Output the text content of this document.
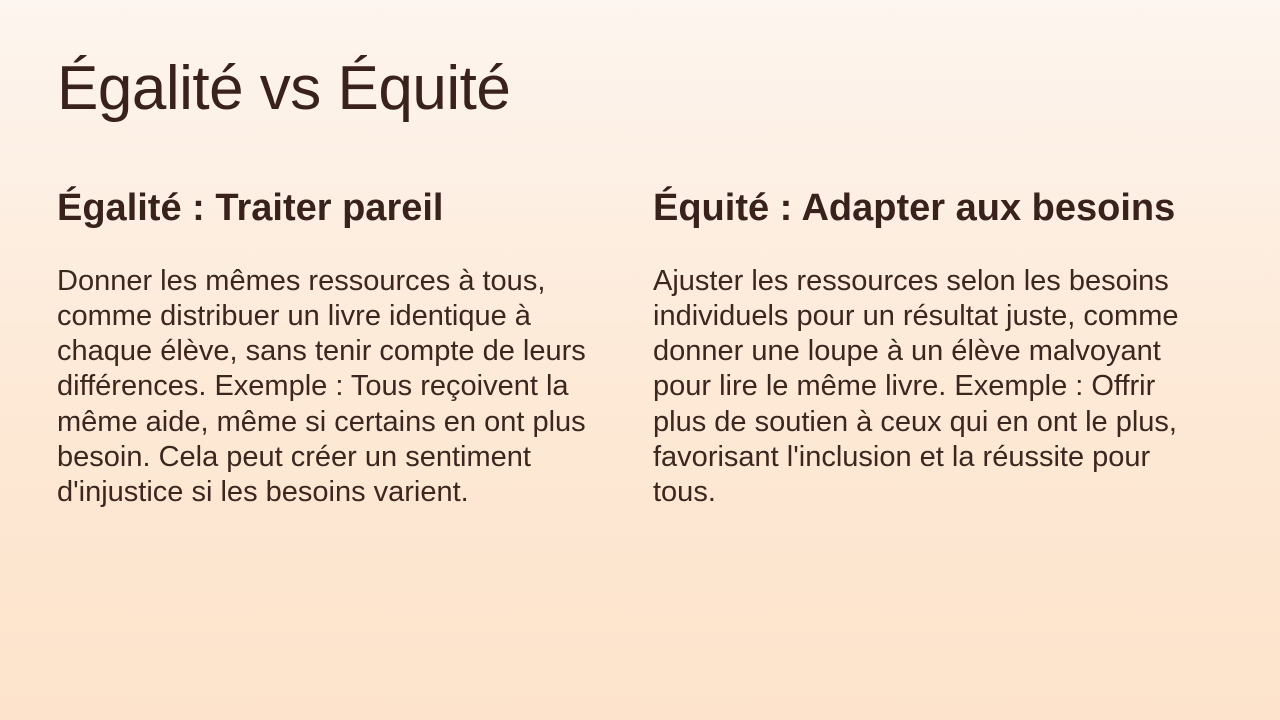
Égalité vs Équité
Égalité : Traiter pareil

Donner les mêmes ressources à tous, comme distribuer un livre identique à chaque élève, sans tenir compte de leurs différences. Exemple : Tous reçoivent la même aide, même si certains en ont plus besoin. Cela peut créer un sentiment d'injustice si les besoins varient.

Équité : Adapter aux besoins

Ajuster les ressources selon les besoins individuels pour un résultat juste, comme donner une loupe à un élève malvoyant pour lire le même livre. Exemple : Offrir plus de soutien à ceux qui en ont le plus, favorisant l'inclusion et la réussite pour tous.
